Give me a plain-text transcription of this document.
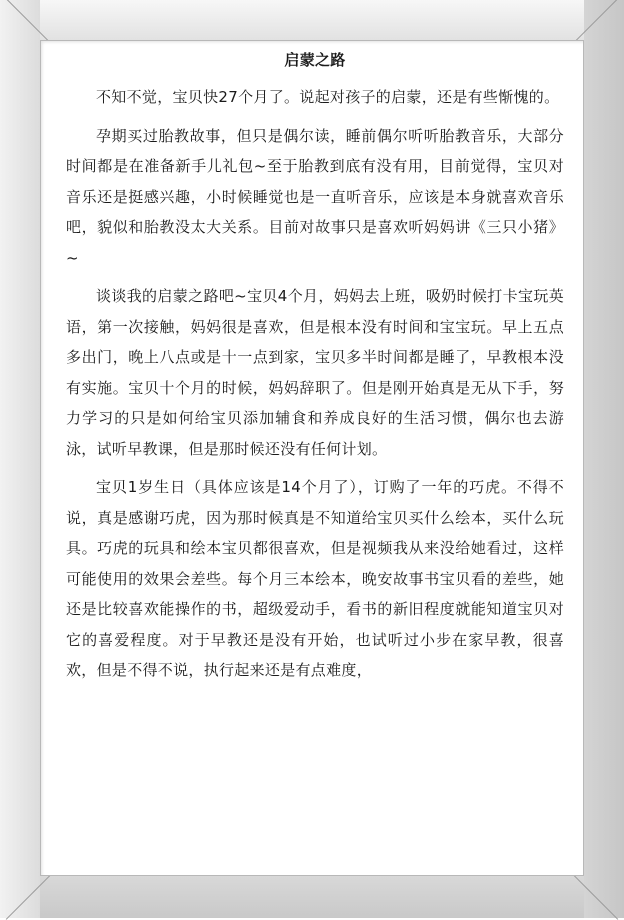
启蒙之路

不知不觉，宝贝快27个月了。说起对孩子的启蒙，还是有些惭愧的。

孕期买过胎教故事，但只是偶尔读，睡前偶尔听听胎教音乐，大部分时间都是在准备新手儿礼包~至于胎教到底有没有用，目前觉得，宝贝对音乐还是挺感兴趣，小时候睡觉也是一直听音乐，应该是本身就喜欢音乐吧，貌似和胎教没太大关系。目前对故事只是喜欢听妈妈讲《三只小猪》~

谈谈我的启蒙之路吧~宝贝4个月，妈妈去上班，吸奶时候打卡宝玩英语，第一次接触，妈妈很是喜欢，但是根本没有时间和宝宝玩。早上五点多出门，晚上八点或是十一点到家，宝贝多半时间都是睡了，早教根本没有实施。宝贝十个月的时候，妈妈辞职了。但是刚开始真是无从下手，努力学习的只是如何给宝贝添加辅食和养成良好的生活习惯，偶尔也去游泳，试听早教课，但是那时候还没有任何计划。

宝贝1岁生日（具体应该是14个月了），订购了一年的巧虎。不得不说，真是感谢巧虎，因为那时候真是不知道给宝贝买什么绘本，买什么玩具。巧虎的玩具和绘本宝贝都很喜欢，但是视频我从来没给她看过，这样可能使用的效果会差些。每个月三本绘本，晚安故事书宝贝看的差些，她还是比较喜欢能操作的书，超级爱动手，看书的新旧程度就能知道宝贝对它的喜爱程度。对于早教还是没有开始，也试听过小步在家早教，很喜欢，但是不得不说，执行起来还是有点难度，
